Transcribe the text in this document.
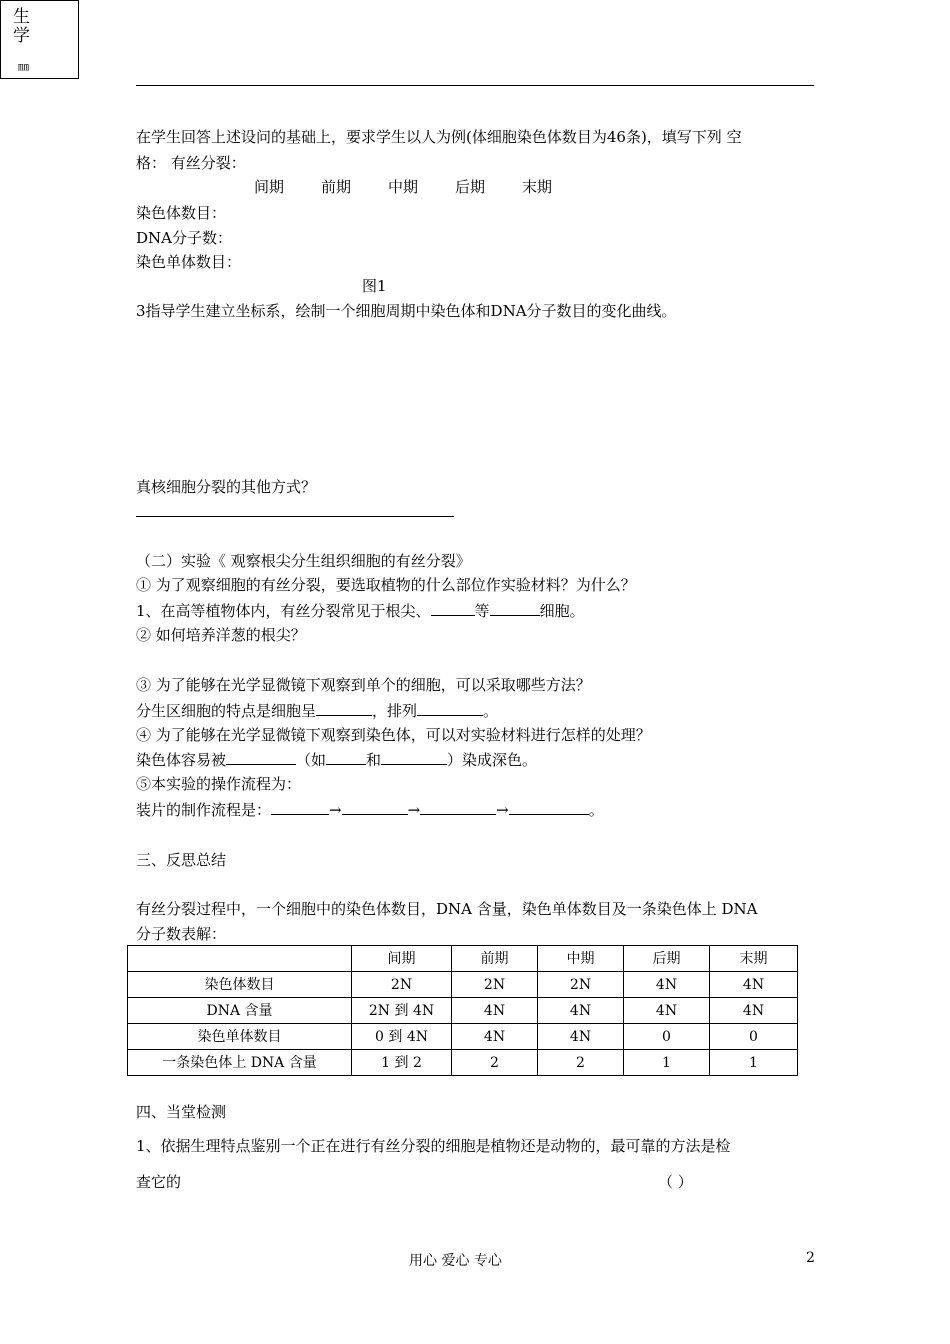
生
学
㎜
在学生回答上述设问的基础上，要求学生以人为例(体细胞染色体数目为46条)，填写下列 空
格： 有丝分裂：
间期 前期 中期 后期 末期
染色体数目：
DNA分子数：
染色单体数目：
图1
3指导学生建立坐标系，绘制一个细胞周期中染色体和DNA分子数目的变化曲线。
真核细胞分裂的其他方式？
（二）实验《 观察根尖分生组织细胞的有丝分裂》
① 为了观察细胞的有丝分裂，要选取植物的什么部位作实验材料？为什么？
1、在高等植物体内，有丝分裂常见于根尖、	等	细胞。
② 如何培养洋葱的根尖？
③ 为了能够在光学显微镜下观察到单个的细胞，可以采取哪些方法？
分生区细胞的特点是细胞呈	，排列	。
④ 为了能够在光学显微镜下观察到染色体，可以对实验材料进行怎样的处理？
染色体容易被	（如	和	）染成深色。
⑤本实验的操作流程为：
装片的制作流程是：	→	→	→	。
三、反思总结
有丝分裂过程中，一个细胞中的染色体数目，DNA 含量，染色单体数目及一条染色体上 DNA
分子数表解：
	间期	前期	中期	后期	末期
染色体数目	2N	2N	2N	4N	4N
DNA 含量	2N 到 4N	4N	4N	4N	4N
染色单体数目	0 到 4N	4N	4N	0	0
一条染色体上 DNA 含量	1 到 2	2	2	1	1
四、当堂检测
1、依据生理特点鉴别一个正在进行有丝分裂的细胞是植物还是动物的，最可靠的方法是检
查它的	（ ）
用心 爱心 专心	2
